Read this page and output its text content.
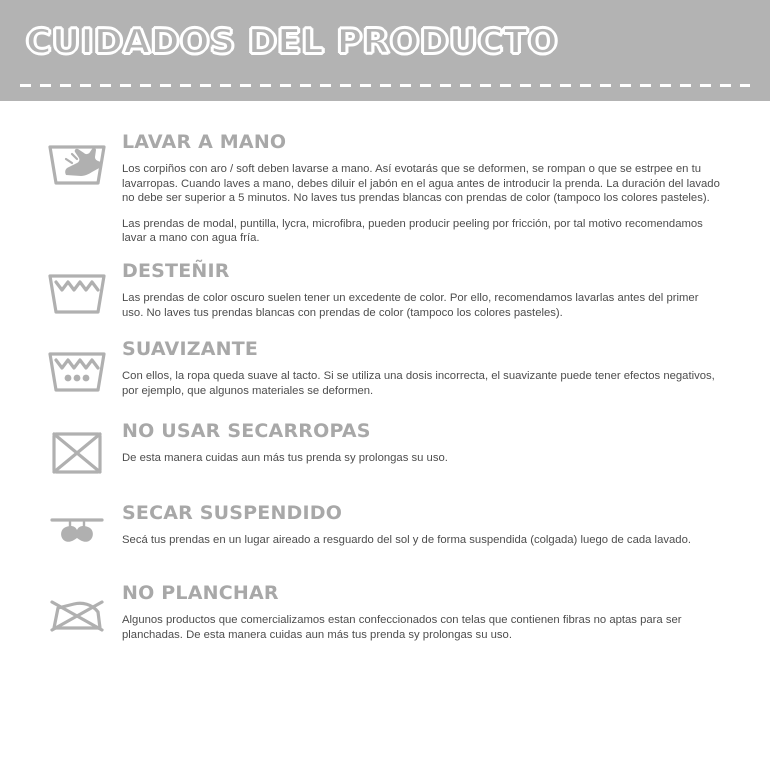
CUIDADOS DEL PRODUCTO
LAVAR A MANO

Los corpiños con aro / soft deben lavarse a mano. Así evotarás que se deformen, se rompan o que se estrpee en tu lavarropas. Cuando laves a mano, debes diluir el jabón en el agua antes de introducir la prenda. La duración del lavado no debe ser superior a 5 minutos. No laves tus prendas blancas con prendas de color (tampoco los colores pasteles).

Las prendas de modal, puntilla, lycra, microfibra, pueden producir peeling por fricción, por tal motivo recomendamos lavar a mano con agua fría.

DESTEÑIR

Las prendas de color oscuro suelen tener un excedente de color. Por ello, recomendamos lavarlas antes del primer uso. No laves tus prendas blancas con prendas de color (tampoco los colores pasteles).

SUAVIZANTE

Con ellos, la ropa queda suave al tacto. Si se utiliza una dosis incorrecta, el suavizante puede tener efectos negativos, por ejemplo, que algunos materiales se deformen.

NO USAR SECARROPAS

De esta manera cuidas aun más tus prenda sy prolongas su uso.

SECAR SUSPENDIDO

Secá tus prendas en un lugar aireado a resguardo del sol y de forma suspendida (colgada) luego de cada lavado.

NO PLANCHAR

Algunos productos que comercializamos estan confeccionados con telas que contienen fibras no aptas para ser planchadas. De esta manera cuidas aun más tus prenda sy prolongas su uso.
